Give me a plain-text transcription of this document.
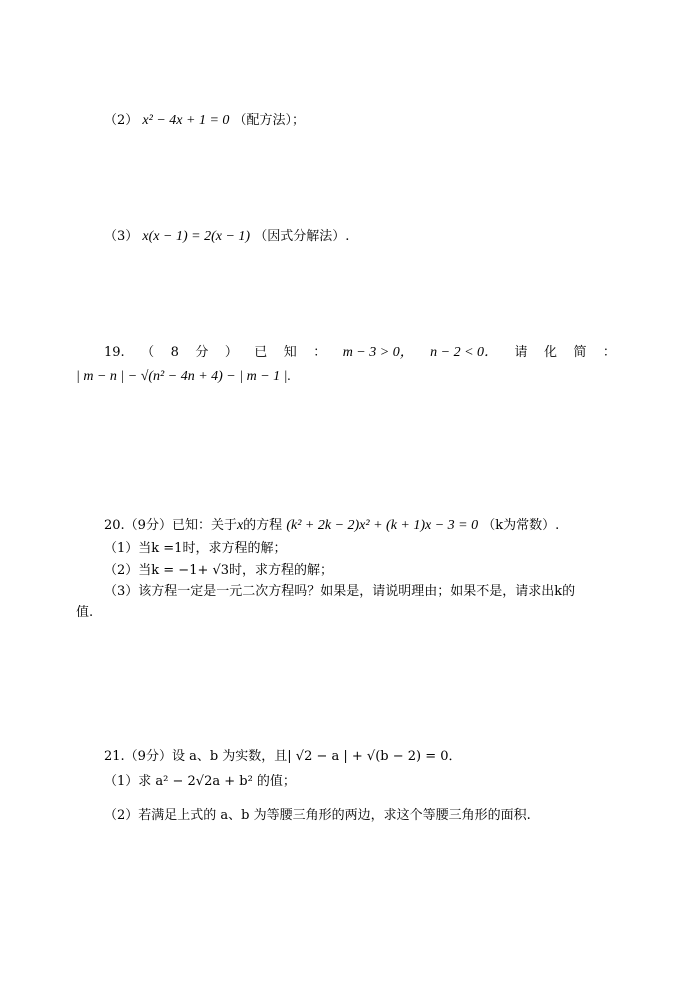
（2） x² − 4x + 1 = 0 （配方法）；
（3） x(x − 1) = 2(x − 1) （因式分解法）.
19. （ 8 分 ） 已 知 ： m − 3 > 0， n − 2 < 0． 请 化 简 ：
| m − n | − √(n² − 4n + 4) − | m − 1 |.
20.（9分）已知：关于x的方程 (k² + 2k − 2)x² + (k + 1)x − 3 = 0 （k为常数）.
（1）当k =1时，求方程的解；
（2）当k = −1+ √3时，求方程的解；
（3）该方程一定是一元二次方程吗？如果是，请说明理由；如果不是，请求出k的
值.
21.（9分）设 a、b 为实数，且| √2 − a | + √(b − 2) = 0．
（1）求 a² − 2√2a + b² 的值；
（2）若满足上式的 a、b 为等腰三角形的两边，求这个等腰三角形的面积.
